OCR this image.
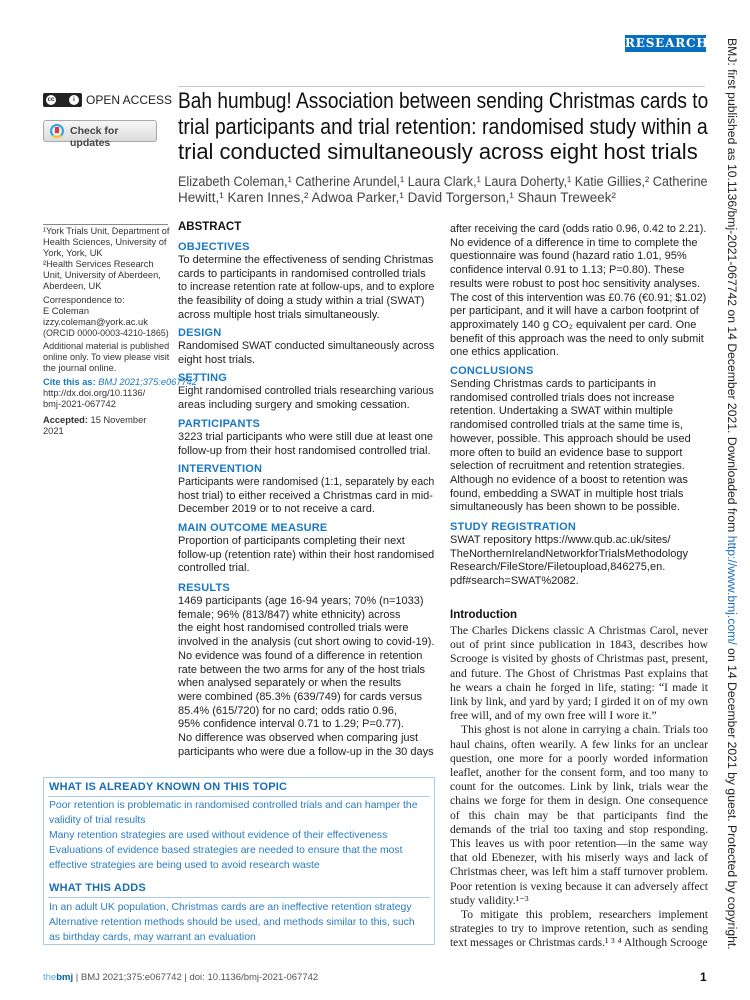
RESEARCH
cc	i OPEN ACCESS
Check for updates
¹York Trials Unit, Department of
Health Sciences, University of
York, York, UK
²Health Services Research
Unit, University of Aberdeen,
Aberdeen, UK
Correspondence to:
E Coleman
izzy.coleman@york.ac.uk
(ORCID 0000-0003-4210-1865)
Additional material is published
online only. To view please visit
the journal online.
Cite this as: BMJ 2021;375:e067742
http://dx.doi.org/10.1136/
bmj-2021-067742
Accepted: 15 November 2021
Bah humbug! Association between sending Christmas cards to
trial participants and trial retention: randomised study within a
trial conducted simultaneously across eight host trials
Elizabeth Coleman,¹ Catherine Arundel,¹ Laura Clark,¹ Laura Doherty,¹ Katie Gillies,² Catherine
Hewitt,¹ Karen Innes,² Adwoa Parker,¹ David Torgerson,¹ Shaun Treweek²
ABSTRACT
OBJECTIVES
To determine the effectiveness of sending Christmas
cards to participants in randomised controlled trials
to increase retention rate at follow-ups, and to explore
the feasibility of doing a study within a trial (SWAT)
across multiple host trials simultaneously.
DESIGN
Randomised SWAT conducted simultaneously across
eight host trials.
SETTING
Eight randomised controlled trials researching various
areas including surgery and smoking cessation.
PARTICIPANTS
3223 trial participants who were still due at least one
follow-up from their host randomised controlled trial.
INTERVENTION
Participants were randomised (1:1, separately by each
host trial) to either received a Christmas card in mid-
December 2019 or to not receive a card.
MAIN OUTCOME MEASURE
Proportion of participants completing their next
follow-up (retention rate) within their host randomised
controlled trial.
RESULTS
1469 participants (age 16-94 years; 70% (n=1033)
female; 96% (813/847) white ethnicity) across
the eight host randomised controlled trials were
involved in the analysis (cut short owing to covid-19).
No evidence was found of a difference in retention
rate between the two arms for any of the host trials
when analysed separately or when the results
were combined (85.3% (639/749) for cards versus
85.4% (615/720) for no card; odds ratio 0.96,
95% confidence interval 0.71 to 1.29; P=0.77).
No difference was observed when comparing just
participants who were due a follow-up in the 30 days
after receiving the card (odds ratio 0.96, 0.42 to 2.21).
No evidence of a difference in time to complete the
questionnaire was found (hazard ratio 1.01, 95%
confidence interval 0.91 to 1.13; P=0.80). These
results were robust to post hoc sensitivity analyses.
The cost of this intervention was £0.76 (€0.91; $1.02)
per participant, and it will have a carbon footprint of
approximately 140 g CO₂ equivalent per card. One
benefit of this approach was the need to only submit
one ethics application.
CONCLUSIONS
Sending Christmas cards to participants in
randomised controlled trials does not increase
retention. Undertaking a SWAT within multiple
randomised controlled trials at the same time is,
however, possible. This approach should be used
more often to build an evidence base to support
selection of recruitment and retention strategies.
Although no evidence of a boost to retention was
found, embedding a SWAT in multiple host trials
simultaneously has been shown to be possible.
STUDY REGISTRATION
SWAT repository https://www.qub.ac.uk/sites/
TheNorthernIrelandNetworkforTrialsMethodology
Research/FileStore/Filetoupload,846275,en.
pdf#search=SWAT%2082.
Introduction
The Charles Dickens classic A Christmas Carol, never
out of print since publication in 1843, describes how
Scrooge is visited by ghosts of Christmas past, present,
and future. The Ghost of Christmas Past explains that
he wears a chain he forged in life, stating: “I made it
link by link, and yard by yard; I girded it on of my own
free will, and of my own free will I wore it.”
This ghost is not alone in carrying a chain. Trials too
haul chains, often wearily. A few links for an unclear
question, one more for a poorly worded information
leaflet, another for the consent form, and too many to
count for the outcomes. Link by link, trials wear the
chains we forge for them in design. One consequence
of this chain may be that participants find the
demands of the trial too taxing and stop responding.
This leaves us with poor retention—in the same way
that old Ebenezer, with his miserly ways and lack of
Christmas cheer, was left him a staff turnover problem.
Poor retention is vexing because it can adversely affect
study validity.¹⁻³
To mitigate this problem, researchers implement
strategies to try to improve retention, such as sending
text messages or Christmas cards.¹ ³ ⁴ Although Scrooge
WHAT IS ALREADY KNOWN ON THIS TOPIC
Poor retention is problematic in randomised controlled trials and can hamper the
validity of trial results
Many retention strategies are used without evidence of their effectiveness
Evaluations of evidence based strategies are needed to ensure that the most
effective strategies are being used to avoid research waste
WHAT THIS ADDS
In an adult UK population, Christmas cards are an ineffective retention strategy
Alternative retention methods should be used, and methods similar to this, such
as birthday cards, may warrant an evaluation
thebmj | BMJ 2021;375:e067742 | doi: 10.1136/bmj-2021-067742	1
BMJ: first published as 10.1136/bmj-2021-067742 on 14 December 2021. Downloaded from http://www.bmj.com/ on 14 December 2021 by guest. Protected by copyright.
